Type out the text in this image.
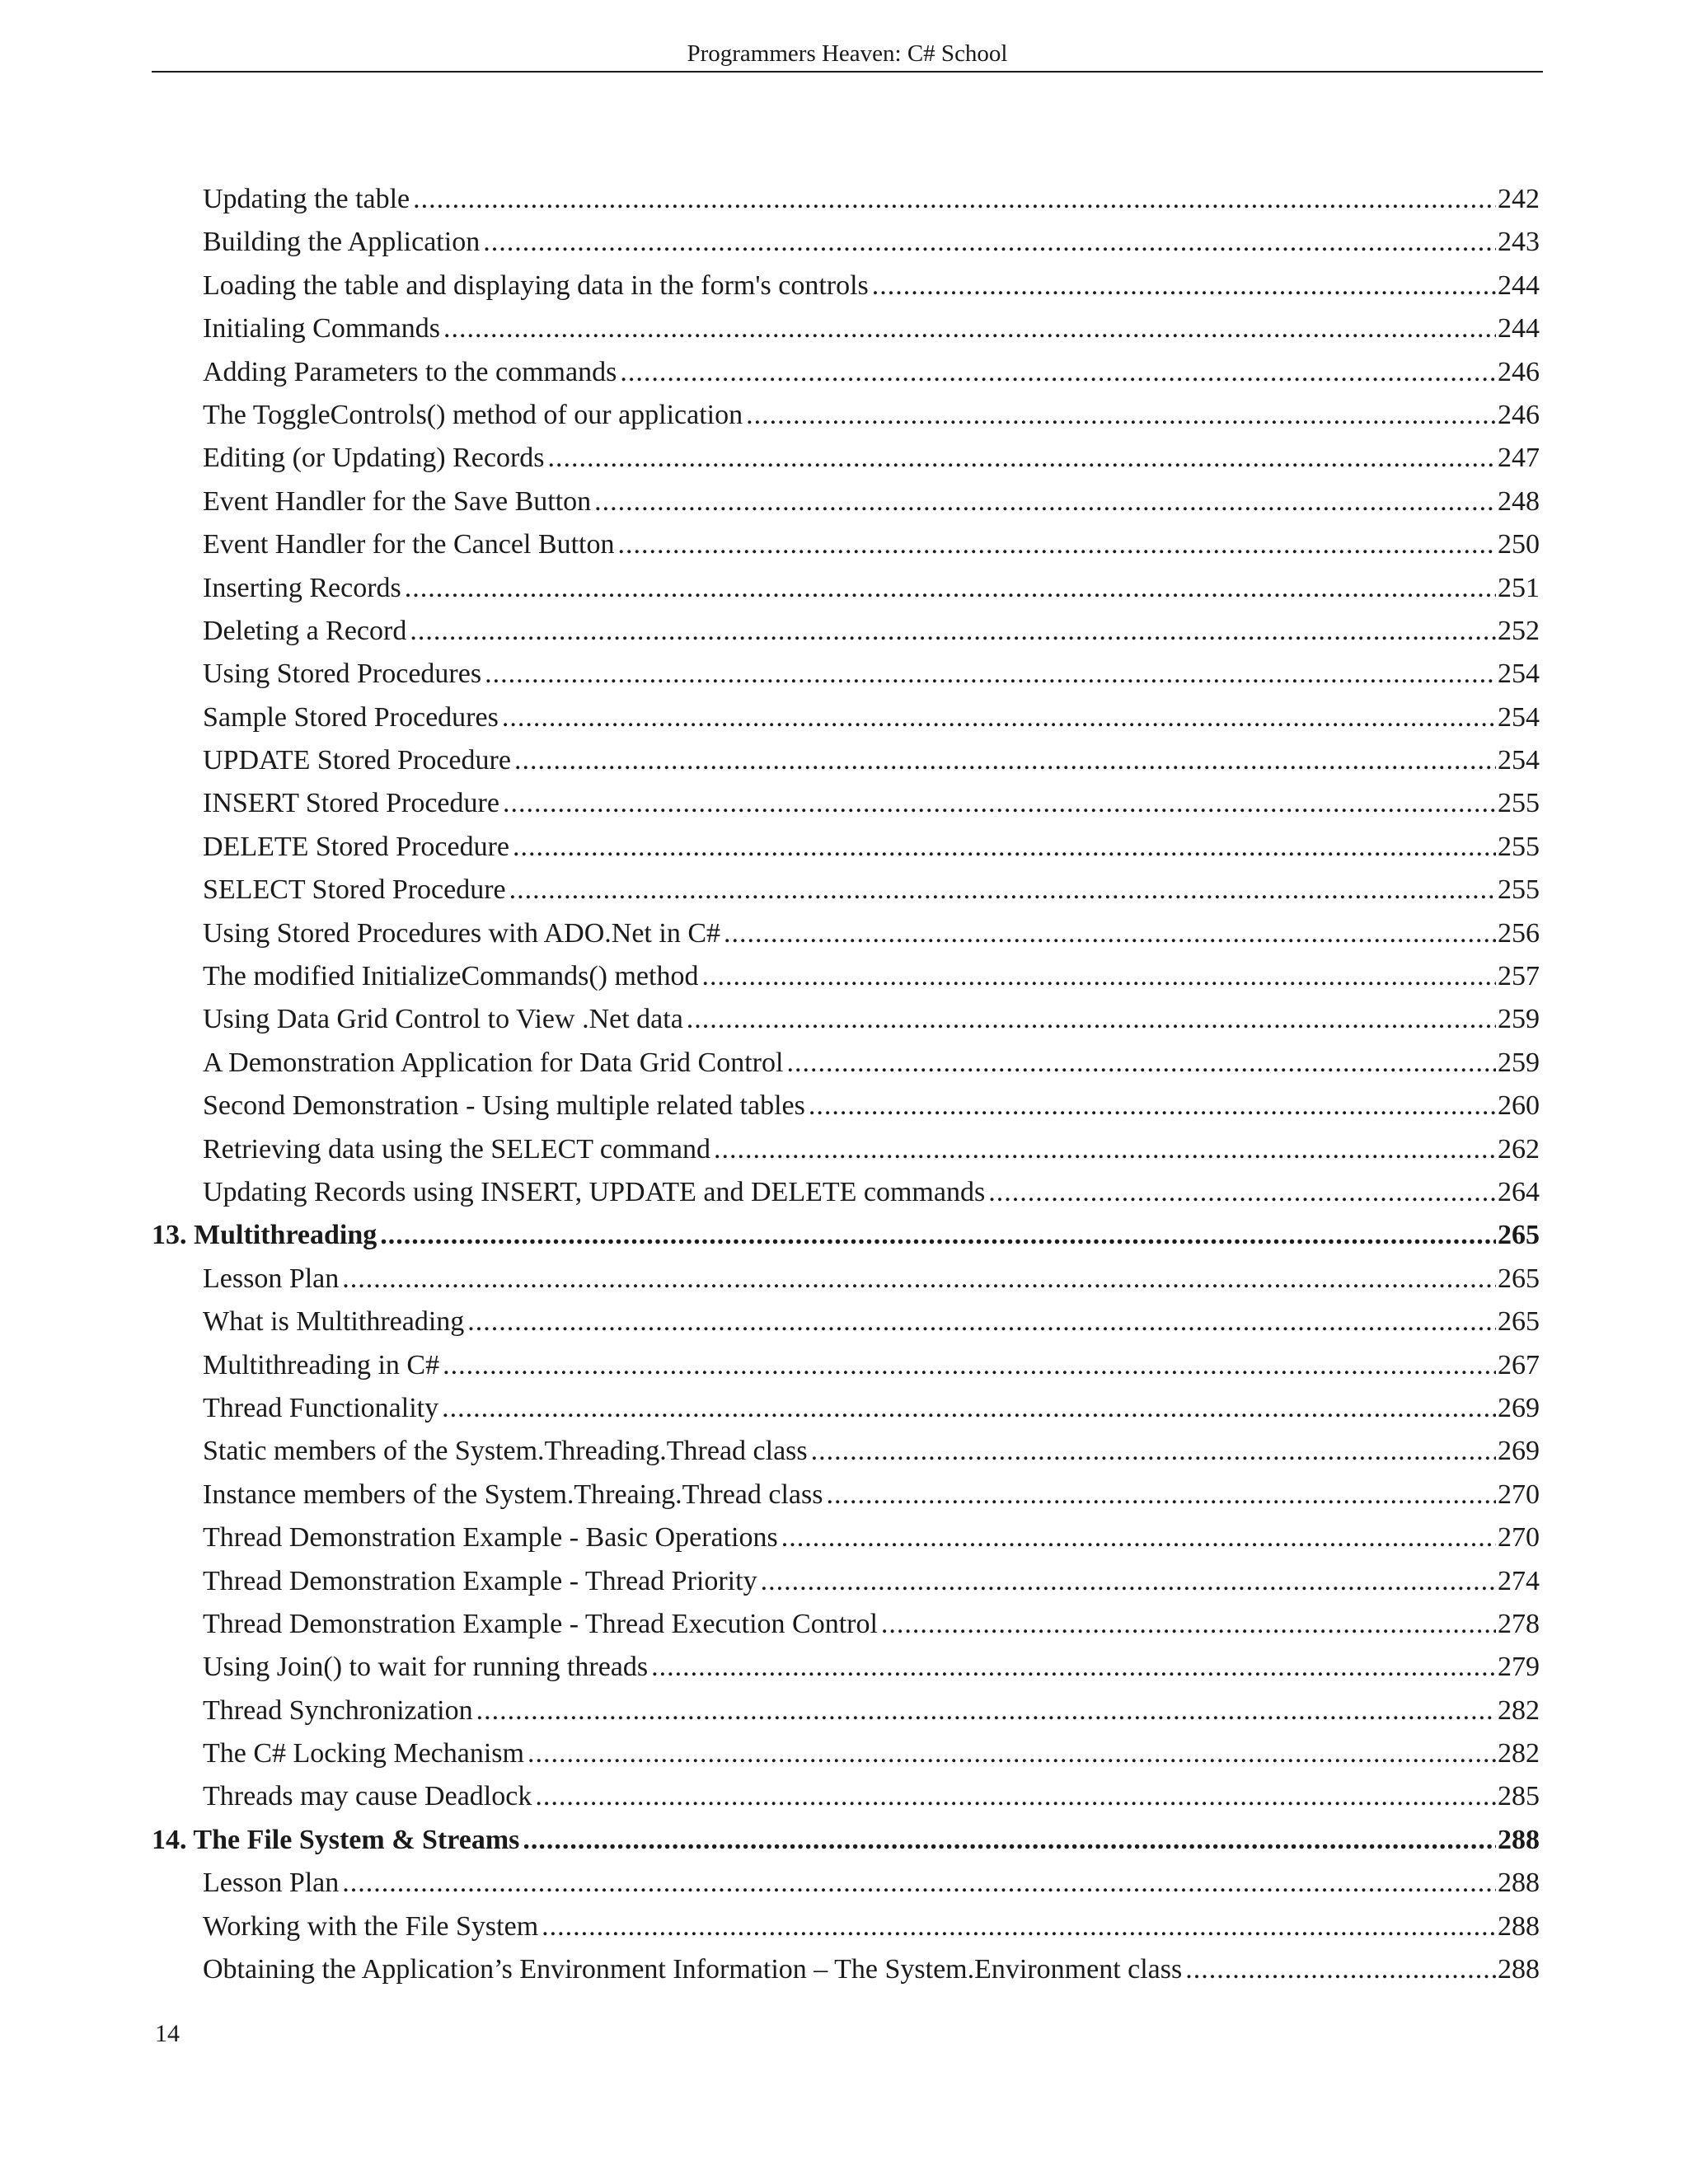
Programmers Heaven: C# School
Updating the table .....	242
Building the Application .....	243
Loading the table and displaying data in the form's controls .....	244
Initialing Commands .....	244
Adding Parameters to the commands .....	246
The ToggleControls() method of our application .....	246
Editing (or Updating) Records .....	247
Event Handler for the Save Button .....	248
Event Handler for the Cancel Button .....	250
Inserting Records .....	251
Deleting a Record .....	252
Using Stored Procedures .....	254
Sample Stored Procedures .....	254
UPDATE Stored Procedure .....	254
INSERT Stored Procedure .....	255
DELETE Stored Procedure .....	255
SELECT Stored Procedure .....	255
Using Stored Procedures with ADO.Net in C# .....	256
The modified InitializeCommands() method .....	257
Using Data Grid Control to View .Net data .....	259
A Demonstration Application for Data Grid Control .....	259
Second Demonstration - Using multiple related tables .....	260
Retrieving data using the SELECT command .....	262
Updating Records using INSERT, UPDATE and DELETE commands .....	264
13. Multithreading .....	265
Lesson Plan .....	265
What is Multithreading .....	265
Multithreading in C# .....	267
Thread Functionality .....	269
Static members of the System.Threading.Thread class .....	269
Instance members of the System.Threaing.Thread class .....	270
Thread Demonstration Example - Basic Operations .....	270
Thread Demonstration Example - Thread Priority .....	274
Thread Demonstration Example - Thread Execution Control .....	278
Using Join() to wait for running threads .....	279
Thread Synchronization .....	282
The C# Locking Mechanism .....	282
Threads may cause Deadlock .....	285
14. The File System & Streams .....	288
Lesson Plan .....	288
Working with the File System .....	288
Obtaining the Application’s Environment Information – The System.Environment class .....	288
14
